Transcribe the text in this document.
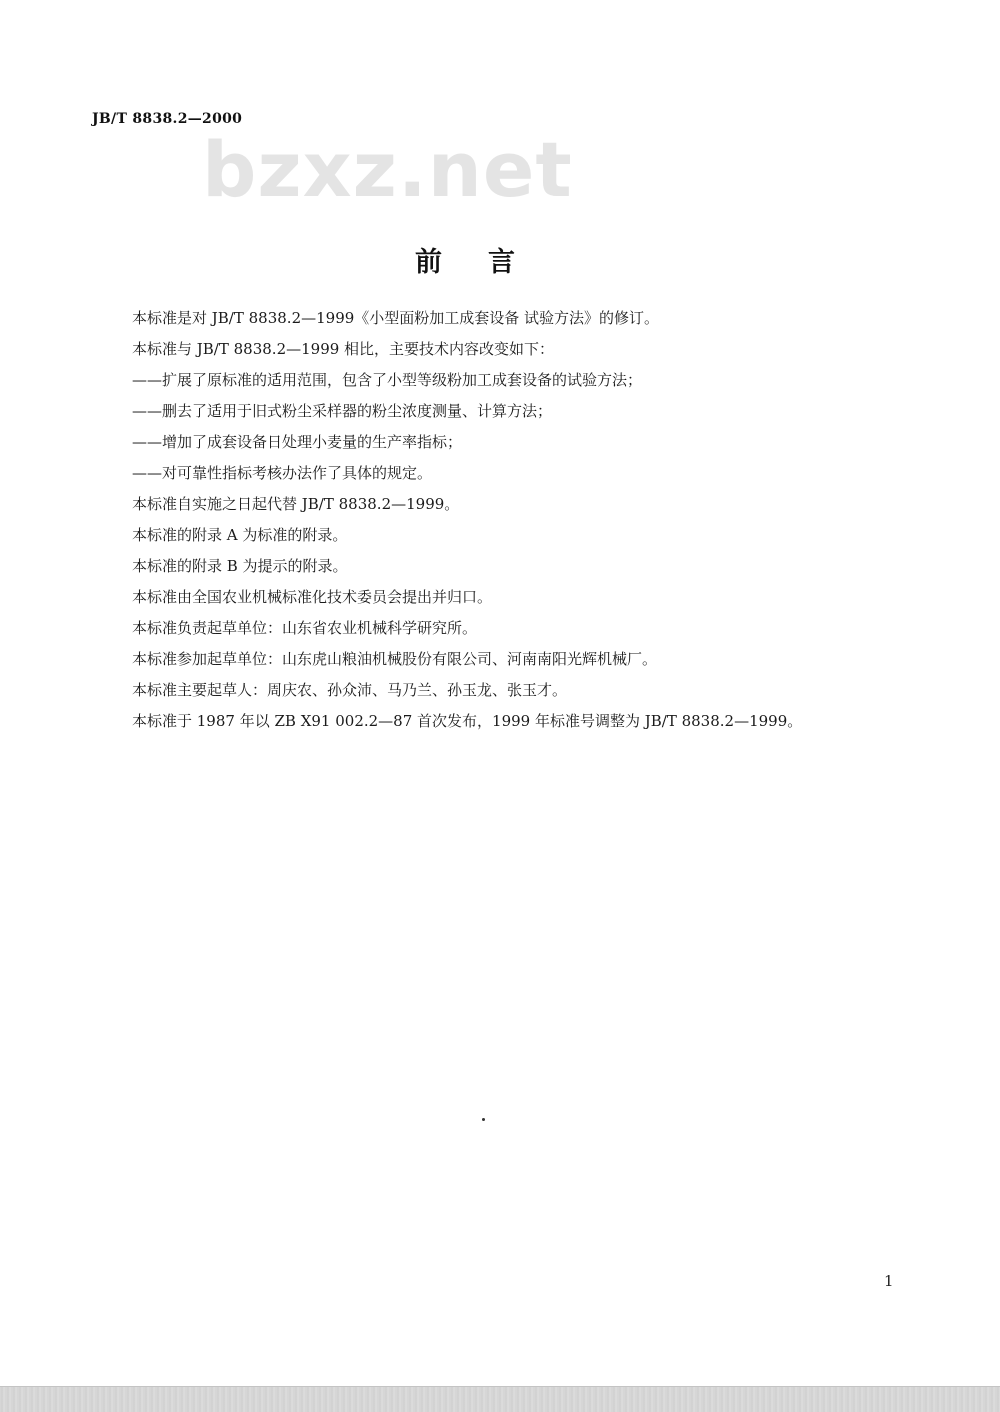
JB/T 8838.2—2000
bzxz.net
前言
本标准是对 JB/T 8838.2—1999《小型面粉加工成套设备 试验方法》的修订。
本标准与 JB/T 8838.2—1999 相比，主要技术内容改变如下：
——扩展了原标准的适用范围，包含了小型等级粉加工成套设备的试验方法；
——删去了适用于旧式粉尘采样器的粉尘浓度测量、计算方法；
——增加了成套设备日处理小麦量的生产率指标；
——对可靠性指标考核办法作了具体的规定。
本标准自实施之日起代替 JB/T 8838.2—1999。
本标准的附录 A 为标准的附录。
本标准的附录 B 为提示的附录。
本标准由全国农业机械标准化技术委员会提出并归口。
本标准负责起草单位：山东省农业机械科学研究所。
本标准参加起草单位：山东虎山粮油机械股份有限公司、河南南阳光辉机械厂。
本标准主要起草人：周庆农、孙众沛、马乃兰、孙玉龙、张玉才。
本标准于 1987 年以 ZB X91 002.2—87 首次发布，1999 年标准号调整为 JB/T 8838.2—1999。
1
